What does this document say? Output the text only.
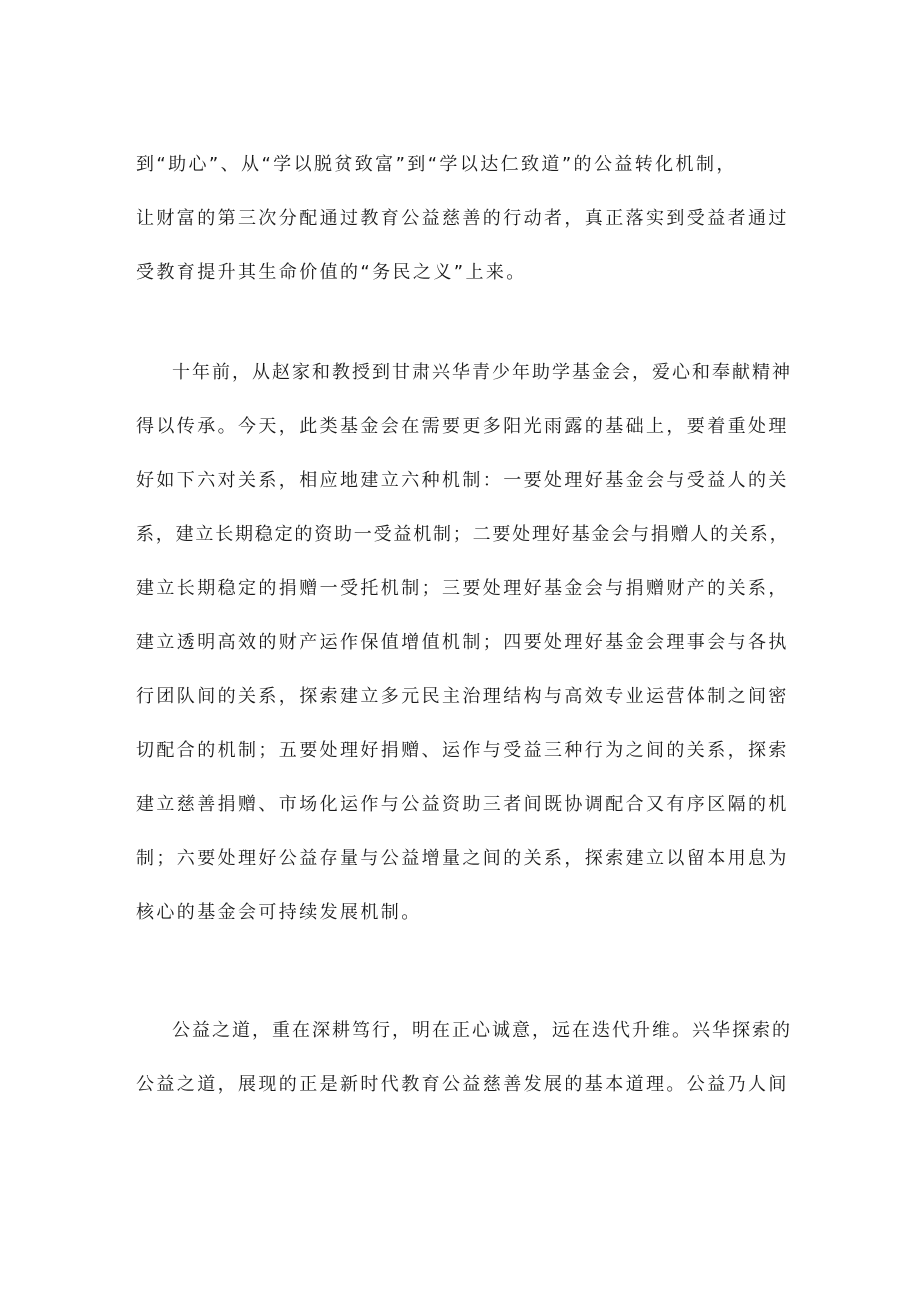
到“助心”、从“学以脱贫致富”到“学以达仁致道”的公益转化机制，
让财富的第三次分配通过教育公益慈善的行动者，真正落实到受益者通过
受教育提升其生命价值的“务民之义”上来。
十年前，从赵家和教授到甘肃兴华青少年助学基金会，爱心和奉献精神
得以传承。今天，此类基金会在需要更多阳光雨露的基础上，要着重处理
好如下六对关系，相应地建立六种机制：一要处理好基金会与受益人的关
系，建立长期稳定的资助一受益机制；二要处理好基金会与捐赠人的关系，
建立长期稳定的捐赠一受托机制；三要处理好基金会与捐赠财产的关系，
建立透明高效的财产运作保值增值机制；四要处理好基金会理事会与各执
行团队间的关系，探索建立多元民主治理结构与高效专业运营体制之间密
切配合的机制；五要处理好捐赠、运作与受益三种行为之间的关系，探索
建立慈善捐赠、市场化运作与公益资助三者间既协调配合又有序区隔的机
制；六要处理好公益存量与公益增量之间的关系，探索建立以留本用息为
核心的基金会可持续发展机制。
公益之道，重在深耕笃行，明在正心诚意，远在迭代升维。兴华探索的
公益之道，展现的正是新时代教育公益慈善发展的基本道理。公益乃人间
